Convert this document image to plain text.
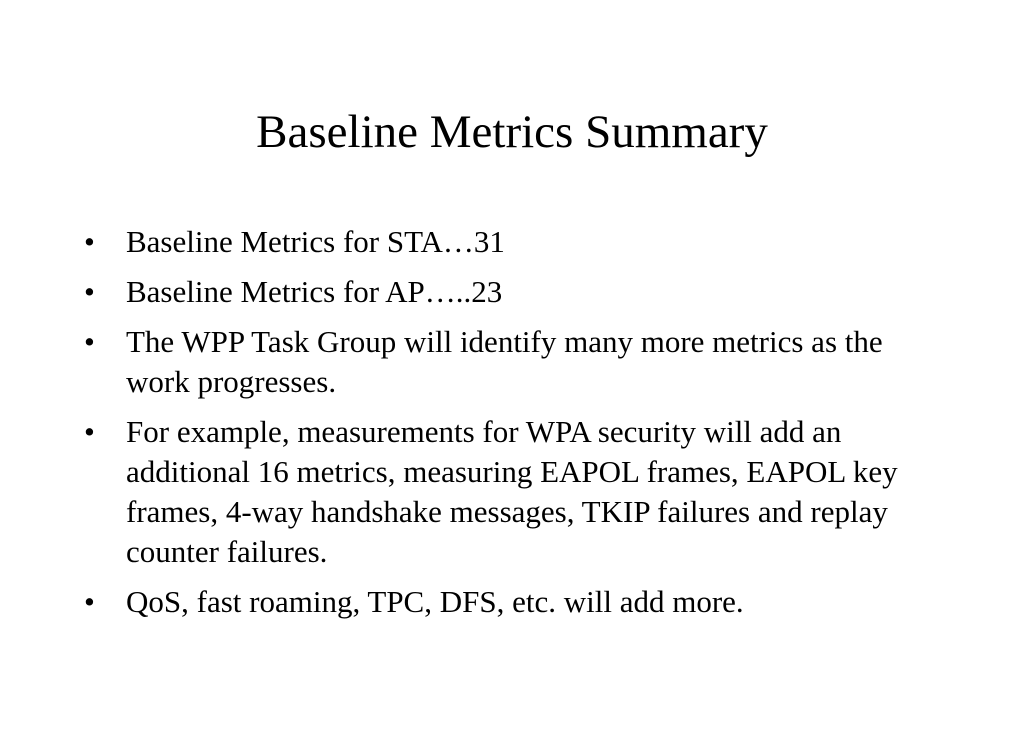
Baseline Metrics Summary
• Baseline Metrics for STA…31
• Baseline Metrics for AP…..23
• The WPP Task Group will identify many more metrics as the work progresses.
• For example, measurements for WPA security will add an additional 16 metrics, measuring EAPOL frames, EAPOL key frames, 4-way handshake messages, TKIP failures and replay counter failures.
• QoS, fast roaming, TPC, DFS, etc. will add more.
